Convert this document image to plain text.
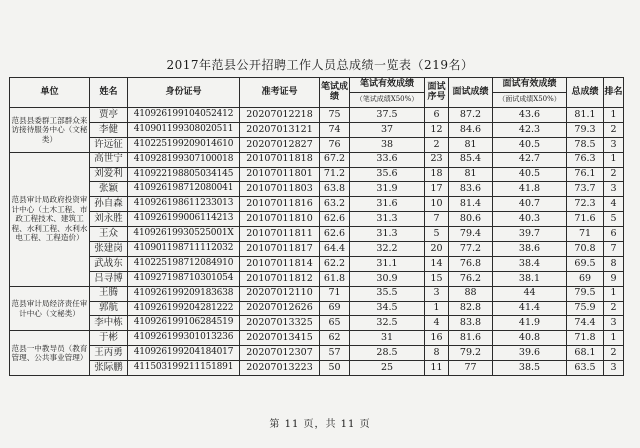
2017年范县公开招聘工作人员总成绩一览表（219名）
单位	姓名	身份证号	准考证号	笔试成绩	笔试有效成绩	面试序号	面试成绩	面试有效成绩	总成绩	排名
					（笔试成绩X50%）			（面试成绩X50%）		
范县县委群工部群众来访接待服务中心（文秘类）	贾亭	410926199104052412	20207012218	75	37.5	6	87.2	43.6	81.1	1
	李健	410901199308020511	20207013121	74	37	12	84.6	42.3	79.3	2
	许远征	410225199209014610	20207012827	76	38	2	81	40.5	78.5	3
范县审计局政府投资审计中心（土木工程、市政工程技术、建筑工程、水利工程、水利水电工程、工程造价）	高世宁	410928199307100018	20107011818	67.2	33.6	23	85.4	42.7	76.3	1
	刘爱利	410922198805034145	20107011801	71.2	35.6	18	81	40.5	76.1	2
	张颖	410926198712080041	20107011803	63.8	31.9	17	83.6	41.8	73.7	3
	孙自森	410926198611233013	20107011816	63.2	31.6	10	81.4	40.7	72.3	4
	刘永胜	410926199006114213	20107011810	62.6	31.3	7	80.6	40.3	71.6	5
	王众	41092619930525001X	20107011811	62.6	31.3	5	79.4	39.7	71	6
	张建岗	410901198711112032	20107011817	64.4	32.2	20	77.2	38.6	70.8	7
	武战东	410225198712084910	20107011814	62.2	31.1	14	76.8	38.4	69.5	8
	吕寻博	410927198710301054	20107011812	61.8	30.9	15	76.2	38.1	69	9
范县审计局经济责任审计中心（文秘类）	王腾	410926199209183638	20207012110	71	35.5	3	88	44	79.5	1
	郭航	410926199204281222	20207012626	69	34.5	1	82.8	41.4	75.9	2
	李中栋	410926199106284519	20207013325	65	32.5	4	83.8	41.9	74.4	3
范县一中教导员（教育管理、公共事业管理）	于彬	410926199301013236	20207013415	62	31	16	81.6	40.8	71.8	1
	王丙勇	410926199204184017	20207012307	57	28.5	8	79.2	39.6	68.1	2
	张际鹏	411503199211151891	20207013223	50	25	11	77	38.5	63.5	3
第 11 页，共 11 页
